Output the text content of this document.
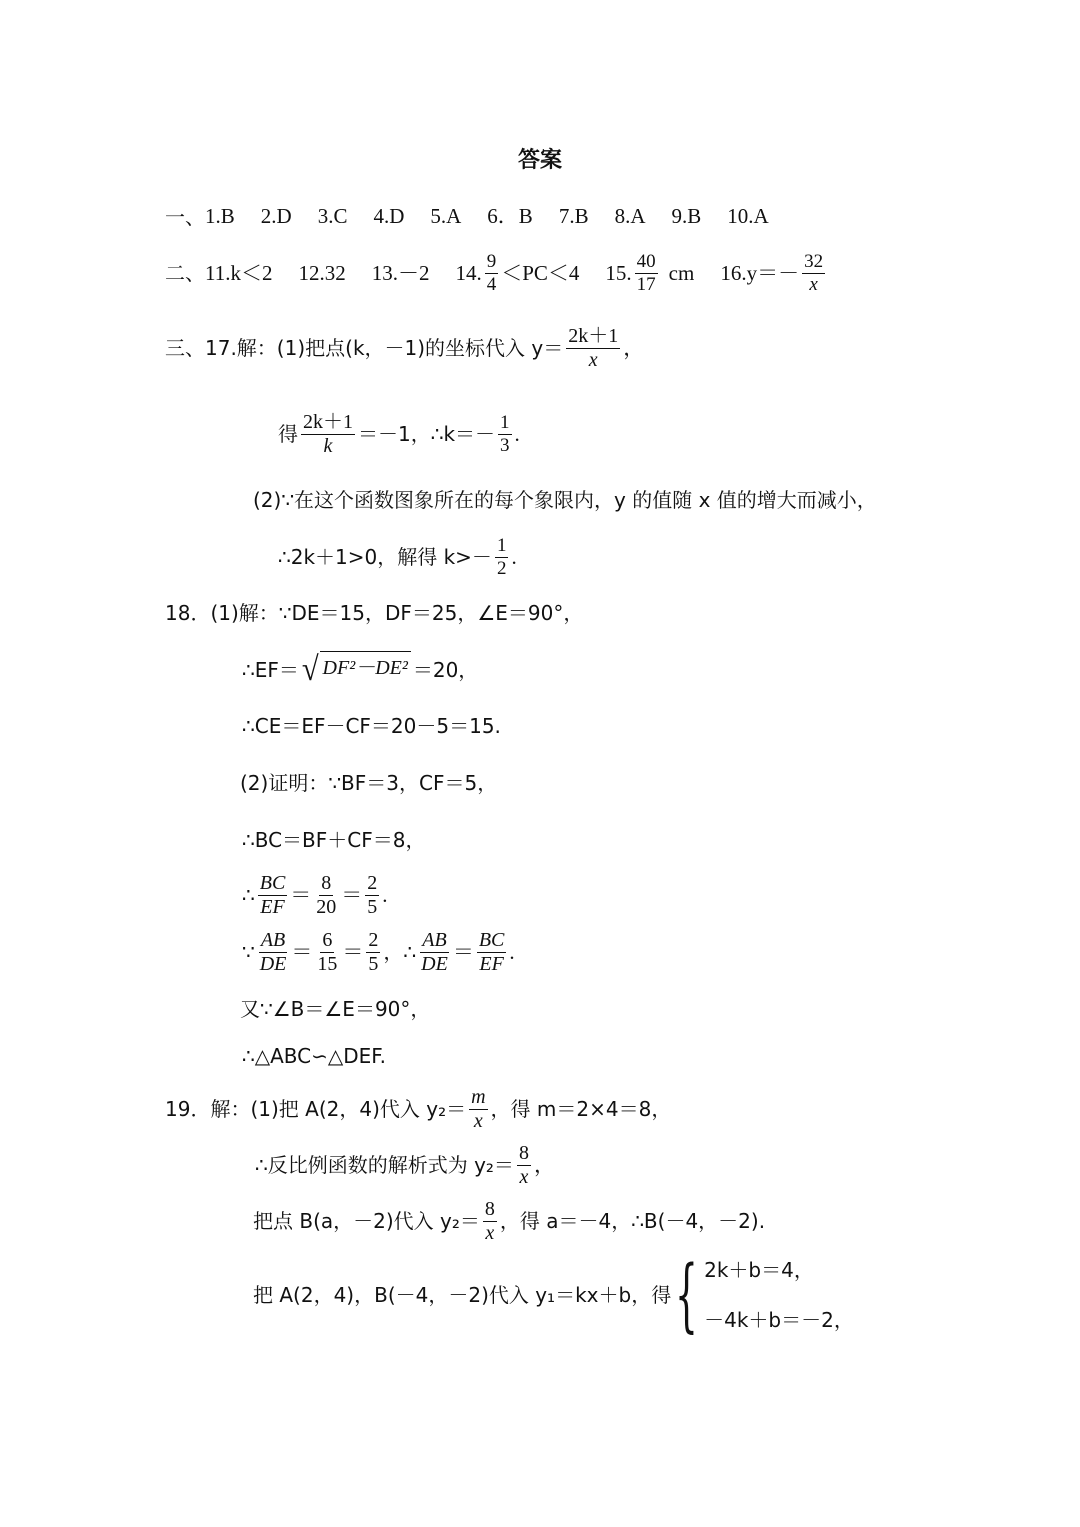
答案
一、 1.B 2.D 3.C 4.D 5.A 6．B 7.B 8.A 9.B 10.A
二、 11.k＜2 12.32 13.－2 14. $\frac{9}{4} <PC<4$ 15. $\frac{40}{17}$ cm $16.y=- \frac{32}{x}$
三、 17.解：(1)把点(k，－1)的坐标代入 $y= \frac{2k+1}{x}$ ，
得 $\frac{2k+1}{k} =-1$，∴k＝－ $\frac{1}{3}$ .
(2)∵在这个函数图象所在的每个象限内，y 的值随 x 值的增大而减小，
∴2k＋1>0，解得 $k>- \frac{1}{2}$ .
18．(1)解：∵DE＝15，DF＝25，∠E＝90°，
∴EF＝ √ DF²－DE² ＝20，
∴CE＝EF－CF＝20－5＝15.
(2)证明：∵BF＝3，CF＝5，
∴BC＝BF＋CF＝8，
∴ $\frac{BC}{EF} = \frac{8}{20} = \frac{2}{5}$ .
∵ $\frac{AB}{DE} = \frac{6}{15} = \frac{2}{5}$ ，∴ $\frac{AB}{DE} = \frac{BC}{EF}$ .
又∵∠B＝∠E＝90°，
∴△ABC∽△DEF.
19．解：(1)把 A(2，4)代入 $y_2= \frac{m}{x}$ ，得 m＝2×4＝8，
∴反比例函数的解析式为 $y_2= \frac{8}{x}$ ，
把点 B(a，－2)代入 $y_2= \frac{8}{x}$ ，得 a＝－4，∴B(－4，－2).
把 A(2，4)，B(－4，－2)代入 y₁＝kx＋b，得 { 2k＋b＝4，
－4k＋b＝－2，
